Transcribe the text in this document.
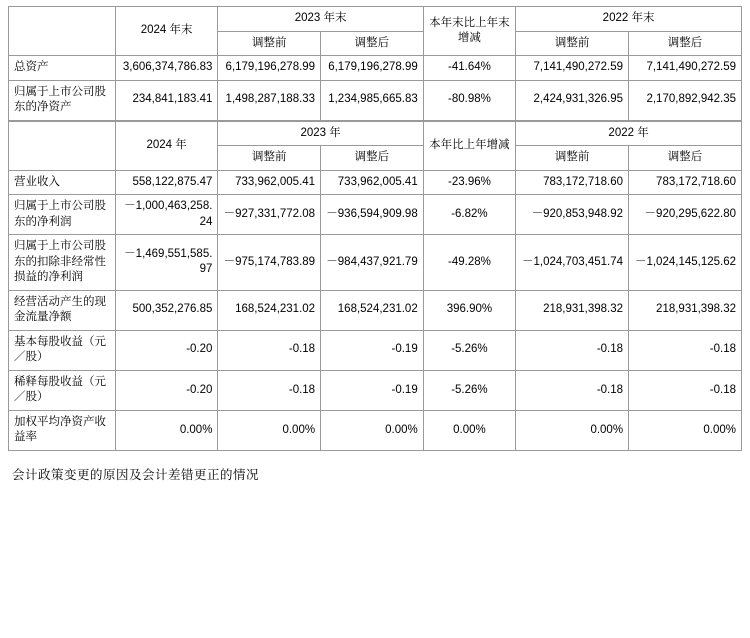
	2024 年末	2023 年末		本年末比上年末增减	2022 年末	
		调整前	调整后		调整前	调整后
总资产	3,606,374,786.83	6,179,196,278.99	6,179,196,278.99	-41.64%	7,141,490,272.59	7,141,490,272.59
归属于上市公司股东的净资产	234,841,183.41	1,498,287,188.33	1,234,985,665.83	-80.98%	2,424,931,326.95	2,170,892,942.35
	2024 年	2023 年		本年比上年增减	2022 年	
		调整前	调整后		调整前	调整后
营业收入	558,122,875.47	733,962,005.41	733,962,005.41	-23.96%	783,172,718.60	783,172,718.60
归属于上市公司股东的净利润	－1,000,463,258.24	－927,331,772.08	－936,594,909.98	-6.82%	－920,853,948.92	－920,295,622.80
归属于上市公司股东的扣除非经常性损益的净利润	－1,469,551,585.97	－975,174,783.89	－984,437,921.79	-49.28%	－1,024,703,451.74	－1,024,145,125.62
经营活动产生的现金流量净额	500,352,276.85	168,524,231.02	168,524,231.02	396.90%	218,931,398.32	218,931,398.32
基本每股收益（元／股）	-0.20	-0.18	-0.19	-5.26%	-0.18	-0.18
稀释每股收益（元／股）	-0.20	-0.18	-0.19	-5.26%	-0.18	-0.18
加权平均净资产收益率	0.00%	0.00%	0.00%	0.00%	0.00%	0.00%
会计政策变更的原因及会计差错更正的情况
